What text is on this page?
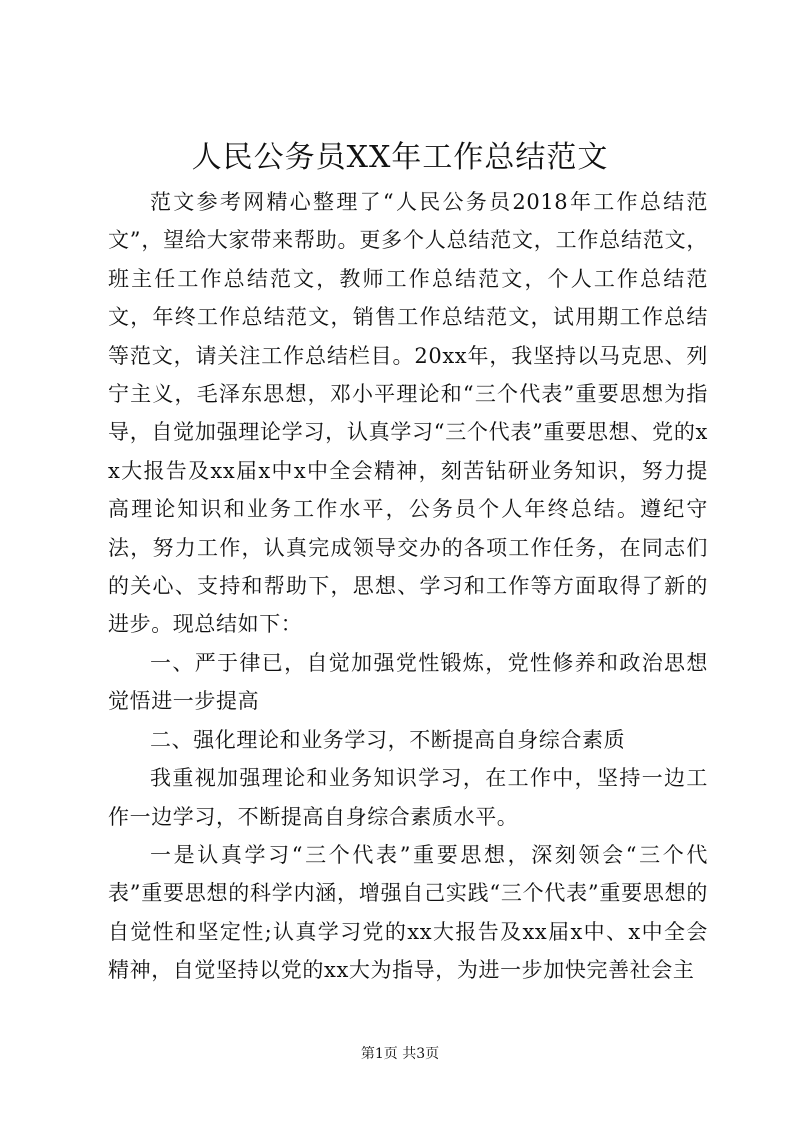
人民公务员XX年工作总结范文

范文参考网精心整理了“人民公务员2018年工作总结范文”，望给大家带来帮助。更多个人总结范文，工作总结范文，班主任工作总结范文，教师工作总结范文，个人工作总结范文，年终工作总结范文，销售工作总结范文，试用期工作总结等范文，请关注工作总结栏目。20xx年，我坚持以马克思、列宁主义，毛泽东思想，邓小平理论和“三个代表”重要思想为指导，自觉加强理论学习，认真学习“三个代表”重要思想、党的xx大报告及xx届x中x中全会精神，刻苦钻研业务知识，努力提高理论知识和业务工作水平，公务员个人年终总结。遵纪守法，努力工作，认真完成领导交办的各项工作任务，在同志们的关心、支持和帮助下，思想、学习和工作等方面取得了新的进步。现总结如下：

一、严于律已，自觉加强党性锻炼，党性修养和政治思想觉悟进一步提高

二、强化理论和业务学习，不断提高自身综合素质

我重视加强理论和业务知识学习，在工作中，坚持一边工作一边学习，不断提高自身综合素质水平。

一是认真学习“三个代表”重要思想，深刻领会“三个代表”重要思想的科学内涵，增强自己实践“三个代表”重要思想的自觉性和坚定性;认真学习党的xx大报告及xx届x中、x中全会精神，自觉坚持以党的xx大为指导，为进一步加快完善社会主

第1页 共3页
